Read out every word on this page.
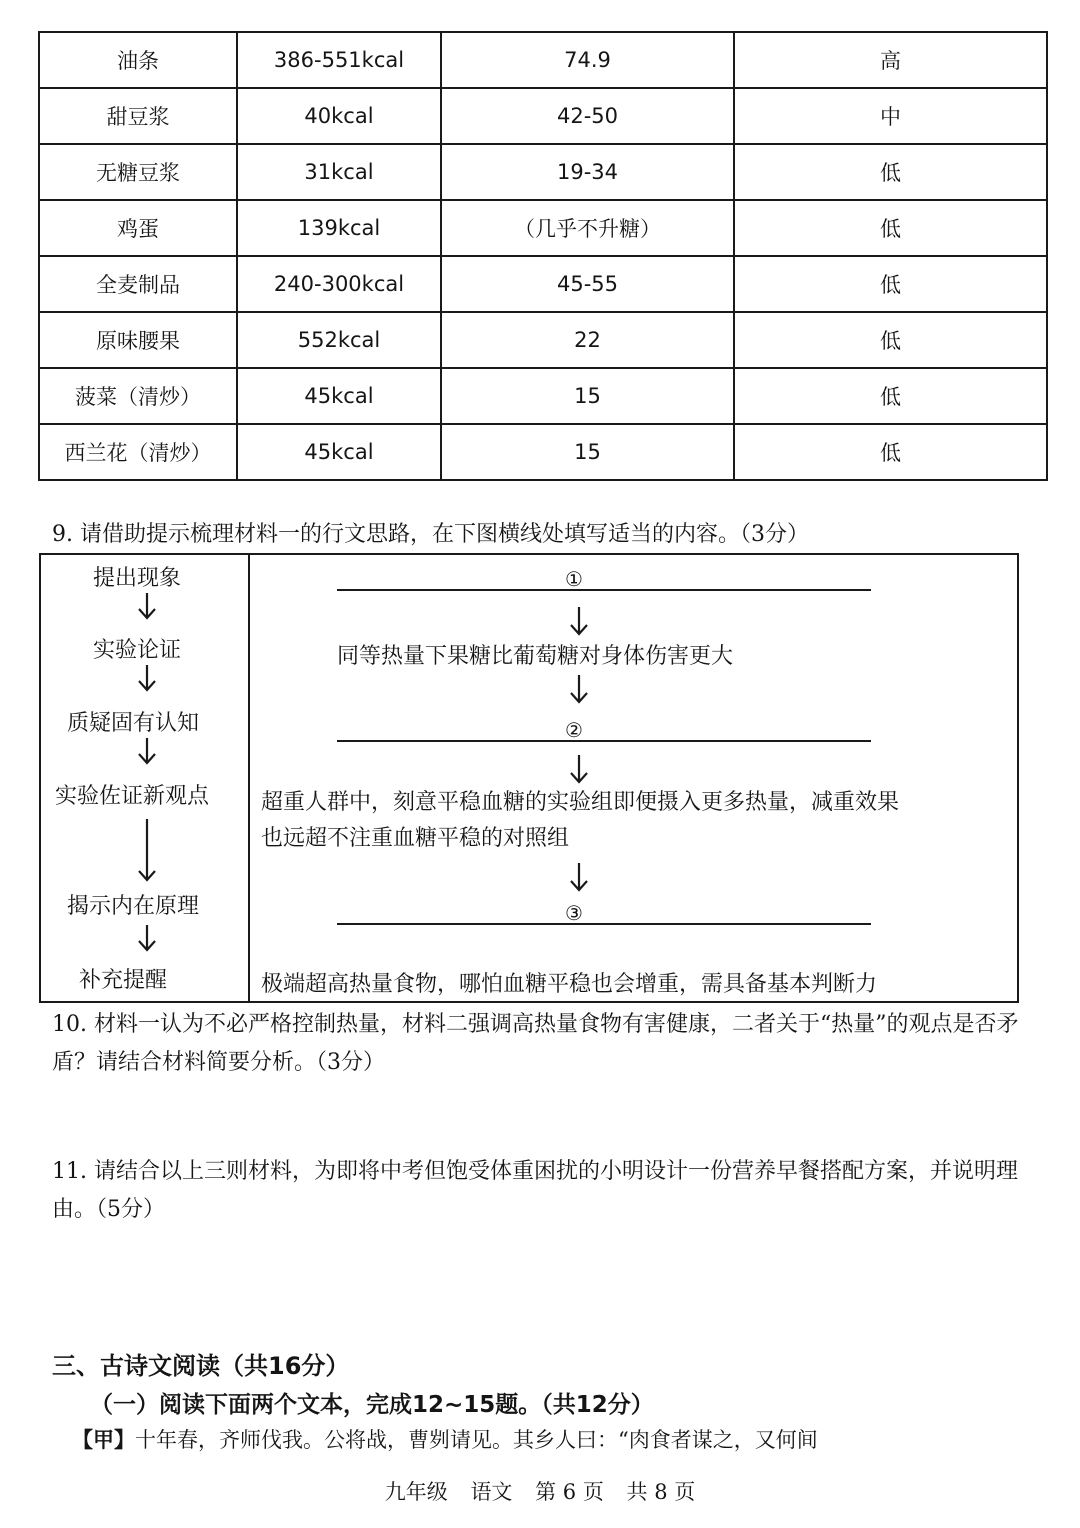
油条	386-551kcal	74.9	高
甜豆浆	40kcal	42-50	中
无糖豆浆	31kcal	19-34	低
鸡蛋	139kcal	（几乎不升糖）	低
全麦制品	240-300kcal	45-55	低
原味腰果	552kcal	22	低
菠菜（清炒）	45kcal	15	低
西兰花（清炒）	45kcal	15	低
9. 请借助提示梳理材料一的行文思路，在下图横线处填写适当的内容。（3分）
提出现象
实验论证
质疑固有认知
实验佐证新观点
揭示内在原理
补充提醒
①
同等热量下果糖比葡萄糖对身体伤害更大
②
超重人群中，刻意平稳血糖的实验组即便摄入更多热量，减重效果
也远超不注重血糖平稳的对照组
③
极端超高热量食物，哪怕血糖平稳也会增重，需具备基本判断力
10. 材料一认为不必严格控制热量，材料二强调高热量食物有害健康，二者关于“热量”的观点是否矛盾？请结合材料简要分析。（3分）
11. 请结合以上三则材料，为即将中考但饱受体重困扰的小明设计一份营养早餐搭配方案，并说明理由。（5分）
三、古诗文阅读（共16分）
（一）阅读下面两个文本，完成12~15题。（共12分）
【甲】十年春，齐师伐我。公将战，曹刿请见。其乡人曰：“肉食者谋之，又何间
九年级 语文 第 6 页 共 8 页
